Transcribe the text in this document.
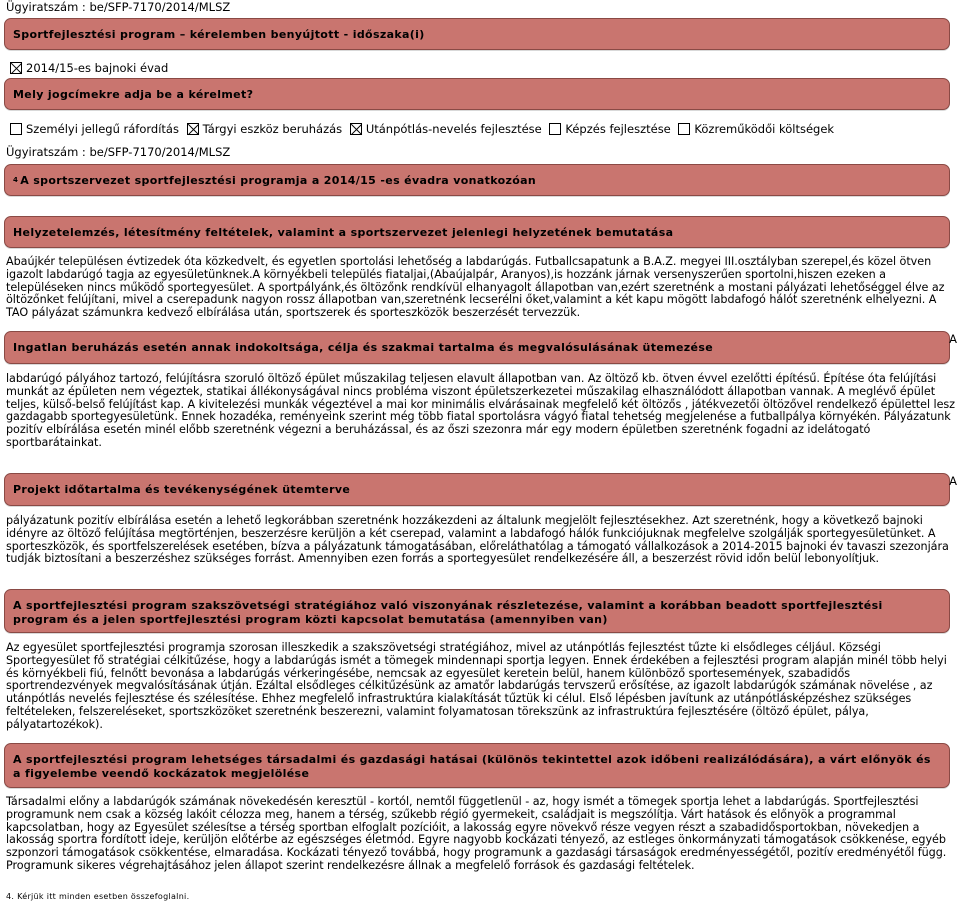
Ügyiratszám : be/SFP-7170/2014/MLSZ
Sportfejlesztési program – kérelemben benyújtott - időszaka(i)
2014/15-es bajnoki évad
Mely jogcímekre adja be a kérelmet?
Személyi jellegű ráfordítás Tárgyi eszköz beruházás Utánpótlás-nevelés fejlesztése Képzés fejlesztése Közreműködői költségek
Ügyiratszám : be/SFP-7170/2014/MLSZ
4 A sportszervezet sportfejlesztési programja a 2014/15 -es évadra vonatkozóan
Helyzetelemzés, létesítmény feltételek, valamint a sportszervezet jelenlegi helyzetének bemutatása
Abaújkér településen évtizedek óta közkedvelt, és egyetlen sportolási lehetőség a labdarúgás. Futballcsapatunk a B.A.Z. megyei III.osztályban szerepel,és közel ötven igazolt labdarúgó tagja az egyesületünknek.A környékbeli település fiataljai,(Abaújalpár, Aranyos),is hozzánk járnak versenyszerűen sportolni,hiszen ezeken a településeken nincs működő sportegyesület. A sportpályánk,és öltözőnk rendkívül elhanyagolt állapotban van,ezért szeretnénk a mostani pályázati lehetőséggel élve az öltözőnket felújítani, mivel a cserepadunk nagyon rossz állapotban van,szeretnénk lecserélni őket,valamint a két kapu mögött labdafogó hálót szeretnénk elhelyezni. A TAO pályázat számunkra kedvező elbírálása után, sportszerek és sporteszközök beszerzését tervezzük.
Ingatlan beruházás esetén annak indokoltsága, célja és szakmai tartalma és megvalósulásának ütemezése
A
labdarúgó pályához tartozó, felújításra szoruló öltöző épület műszakilag teljesen elavult állapotban van. Az öltöző kb. ötven évvel ezelőtti építésű. Építése óta felújítási munkát az épületen nem végeztek, statikai állékonyságával nincs probléma viszont épületszerkezetei műszakilag elhasználódott állapotban vannak. A meglévő épület teljes, külső-belső felújítást kap. A kivitelezési munkák végeztével a mai kor minimális elvárásainak megfelelő két öltözős , játékvezetői öltözővel rendelkező épülettel lesz gazdagabb sportegyesületünk. Ennek hozadéka, reményeink szerint még több fiatal sportolásra vágyó fiatal tehetség megjelenése a futballpálya környékén. Pályázatunk pozitív elbírálása esetén minél előbb szeretnénk végezni a beruházással, és az őszi szezonra már egy modern épületben szeretnénk fogadni az idelátogató sportbarátainkat.
Projekt időtartalma és tevékenységének ütemterve
A
pályázatunk pozitív elbírálása esetén a lehető legkorábban szeretnénk hozzákezdeni az általunk megjelölt fejlesztésekhez. Azt szeretnénk, hogy a következő bajnoki idényre az öltöző felújítása megtörténjen, beszerzésre kerüljön a két cserepad, valamint a labdafogó hálók funkciójuknak megfelelve szolgálják sportegyesületünket. A sporteszközök, és sportfelszerelések esetében, bízva a pályázatunk támogatásában, előreláthatólag a támogató vállalkozások a 2014-2015 bajnoki év tavaszi szezonjára tudják biztosítani a beszerzéshez szükséges forrást. Amennyiben ezen forrás a sportegyesület rendelkezésére áll, a beszerzést rövid időn belül lebonyolítjuk.
A sportfejlesztési program szakszövetségi stratégiához való viszonyának részletezése, valamint a korábban beadott sportfejlesztési program és a jelen sportfejlesztési program közti kapcsolat bemutatása (amennyiben van)
Az egyesület sportfejlesztési programja szorosan illeszkedik a szakszövetségi stratégiához, mivel az utánpótlás fejlesztést tűzte ki elsődleges céljául. Községi Sportegyesület fő stratégiai célkitűzése, hogy a labdarúgás ismét a tömegek mindennapi sportja legyen. Ennek érdekében a fejlesztési program alapján minél több helyi és környékbeli fiú, felnőtt bevonása a labdarúgás vérkeringésébe, nemcsak az egyesület keretein belül, hanem különböző sportesemények, szabadidős sportrendezvények megvalósításának útján. Ezáltal elsődleges célkitűzésünk az amatőr labdarúgás tervszerű erősítése, az igazolt labdarúgók számának növelése , az utánpótlás nevelés fejlesztése és szélesítése. Ehhez megfelelő infrastruktúra kialakítását tűztük ki célul. Első lépésben javítunk az utánpótlásképzéshez szükséges feltételeken, felszereléseket, sportszközöket szeretnénk beszerezni, valamint folyamatosan törekszünk az infrastruktúra fejlesztésére (öltöző épület, pálya, pályatartozékok).
A sportfejlesztési program lehetséges társadalmi és gazdasági hatásai (különös tekintettel azok időbeni realizálódására), a várt előnyök és a figyelembe veendő kockázatok megjelölése
Társadalmi előny a labdarúgók számának növekedésén keresztül - kortól, nemtől függetlenül - az, hogy ismét a tömegek sportja lehet a labdarúgás. Sportfejlesztési programunk nem csak a község lakóit célozza meg, hanem a térség, szűkebb régió gyermekeit, családjait is megszólítja. Várt hatások és előnyök a programmal kapcsolatban, hogy az Egyesület szélesítse a térség sportban elfoglalt pozícióit, a lakosság egyre növekvő része vegyen részt a szabadidősportokban, növekedjen a lakosság sportra fordított ideje, kerüljön előtérbe az egészséges életmód. Egyre nagyobb kockázati tényező, az estleges önkormányzati támogatások csökkenése, egyéb szponzori támogatások csökkentése, elmaradása. Kockázati tényező továbbá, hogy programunk a gazdasági társaságok eredményességétől, pozitív eredményétől függ. Programunk sikeres végrehajtásához jelen állapot szerint rendelkezésre állnak a megfelelő források és gazdasági feltételek.
4. Kérjük itt minden esetben összefoglalni.
